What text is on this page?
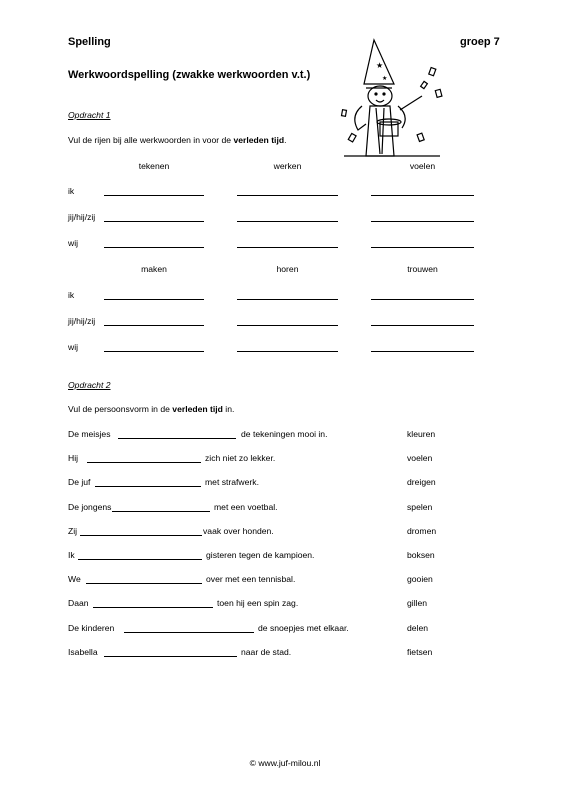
Spelling	groep 7
Werkwoordspelling (zwakke werkwoorden v.t.)
★
★
Opdracht 1
Vul de rijen bij alle werkwoorden in voor de verleden tijd.
tekenen	werken	voelen
ik
jij/hij/zij
wij
maken	horen	trouwen
ik
jij/hij/zij
wij
Opdracht 2
Vul de persoonsvorm in de verleden tijd in.
De meisjes	de tekeningen mooi in.	kleuren
Hij	zich niet zo lekker.	voelen
De juf	met strafwerk.	dreigen
De jongens	met een voetbal.	spelen
Zij	vaak over honden.	dromen
Ik	gisteren tegen de kampioen.	boksen
We	over met een tennisbal.	gooien
Daan	toen hij een spin zag.	gillen
De kinderen	de snoepjes met elkaar.	delen
Isabella	naar de stad.	fietsen
© www.juf-milou.nl
